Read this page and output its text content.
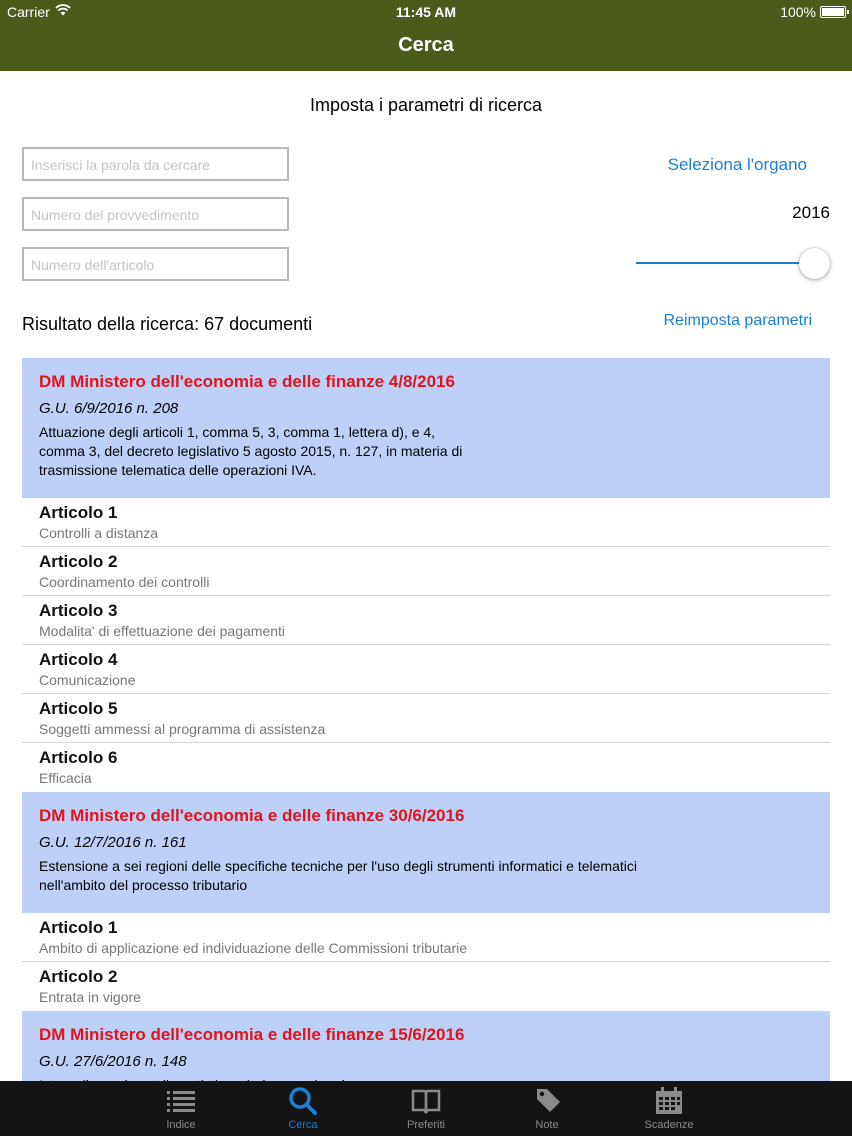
Carrier	11:45 AM	100%
Cerca
Imposta i parametri di ricerca
Inserisci la parola da cercare
Numero del provvedimento
Numero dell'articolo
Seleziona l'organo
2016
Risultato della ricerca: 67 documenti	Reimposta parametri
DM Ministero dell'economia e delle finanze 4/8/2016
G.U. 6/9/2016 n. 208
Attuazione degli articoli 1, comma 5, 3, comma 1, lettera d), e 4,
comma 3, del decreto legislativo 5 agosto 2015, n. 127, in materia di
trasmissione telematica delle operazioni IVA.
Articolo 1
Controlli a distanza
Articolo 2
Coordinamento dei controlli
Articolo 3
Modalita' di effettuazione dei pagamenti
Articolo 4
Comunicazione
Articolo 5
Soggetti ammessi al programma di assistenza
Articolo 6
Efficacia
DM Ministero dell'economia e delle finanze 30/6/2016
G.U. 12/7/2016 n. 161
Estensione a sei regioni delle specifiche tecniche per l'uso degli strumenti informatici e telematici
nell'ambito del processo tributario
Articolo 1
Ambito di applicazione ed individuazione delle Commissioni tributarie
Articolo 2
Entrata in vigore
DM Ministero dell'economia e delle finanze 15/6/2016
G.U. 27/6/2016 n. 148
Indice	Cerca	Preferiti	Note	Scadenze
